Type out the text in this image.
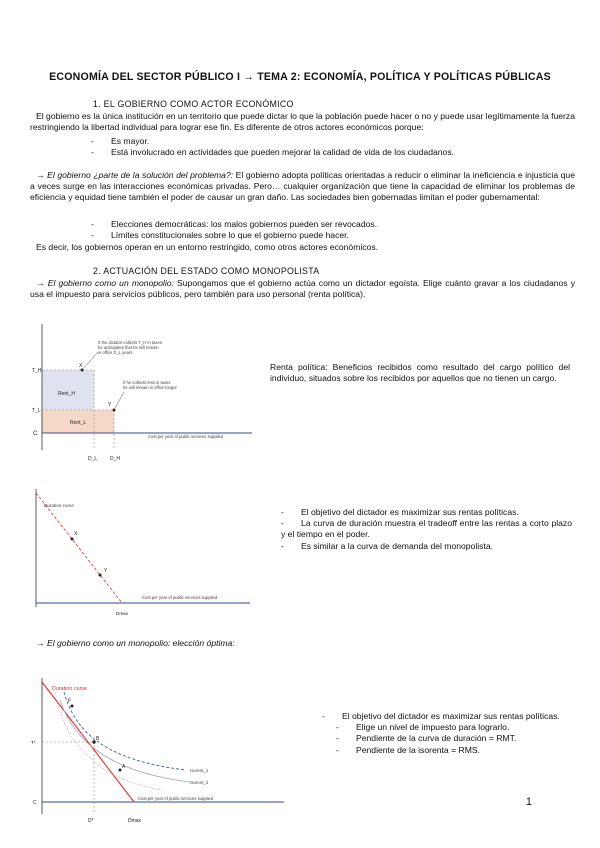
ECONOMÍA DEL SECTOR PÚBLICO I → TEMA 2: ECONOMÍA, POLÍTICA Y POLÍTICAS PÚBLICAS
1. EL GOBIERNO COMO ACTOR ECONÓMICO
El gobierno es la única institución en un territorio que puede dictar lo que la población puede hacer o no y puede usar legítimamente la fuerza restringiendo la libertad individual para lograr ese fin. Es diferente de otros actores económicos porque:
- Es mayor.
- Está involucrado en actividades que pueden mejorar la calidad de vida de los ciudadanos.
→ El gobierno ¿parte de la solución del problema?: El gobierno adopta políticas orientadas a reducir o eliminar la ineficiencia e injusticia que a veces surge en las interacciones económicas privadas. Pero… cualquier organización que tiene la capacidad de eliminar los problemas de eficiencia y equidad tiene también el poder de causar un gran daño. Las sociedades bien gobernadas limitan el poder gubernamental:
- Elecciones democráticas: los malos gobiernos pueden ser revocados.
- Límites constitucionales sobre lo que el gobierno puede hacer.
Es decir, los gobiernos operan en un entorno restringido, como otros actores económicos.
2. ACTUACIÓN DEL ESTADO COMO MONOPOLISTA
→ El gobierno como un monopolio: Supongamos que el gobierno actúa como un dictador egoísta. Elige cuánto gravar a los ciudadanos y usa el impuesto para servicios públicos, pero también para uso personal (renta política).
Renta política: Beneficios recibidos como resultado del cargo político del individuo, situados sobre los recibidos por aquellos que no tienen un cargo.
- El objetivo del dictador es maximizar sus rentas políticas.
- La curva de duración muestra el tradeoff entre las rentas a corto plazo y el tiempo en el poder.
- Es similar a la curva de demanda del monopolista.
→ El gobierno como un monopolio: elección óptima:
- El objetivo del dictador es maximizar sus rentas políticas.
- Elige un nivel de impuesto para lograrlo.
- Pendiente de la curva de duración = RMT.
- Pendiente de la isorenta = RMS.
If the dictator collects T_H in taxes
he anticipates that he will remain
in office D_L years
If he collects less in taxes
he will remain in office longer
X
Y
T_H
T_L
C
Rent_H
Rent_L
Cost per year of public services supplied
D_L	D_H
Duration curve
X
Y
Cost per year of public services supplied
Dmax
Duration curve
F
B
A
T*
C
Isorent_1
Isorent_2
Cost per year of public services supplied
D*	Dmax
1
